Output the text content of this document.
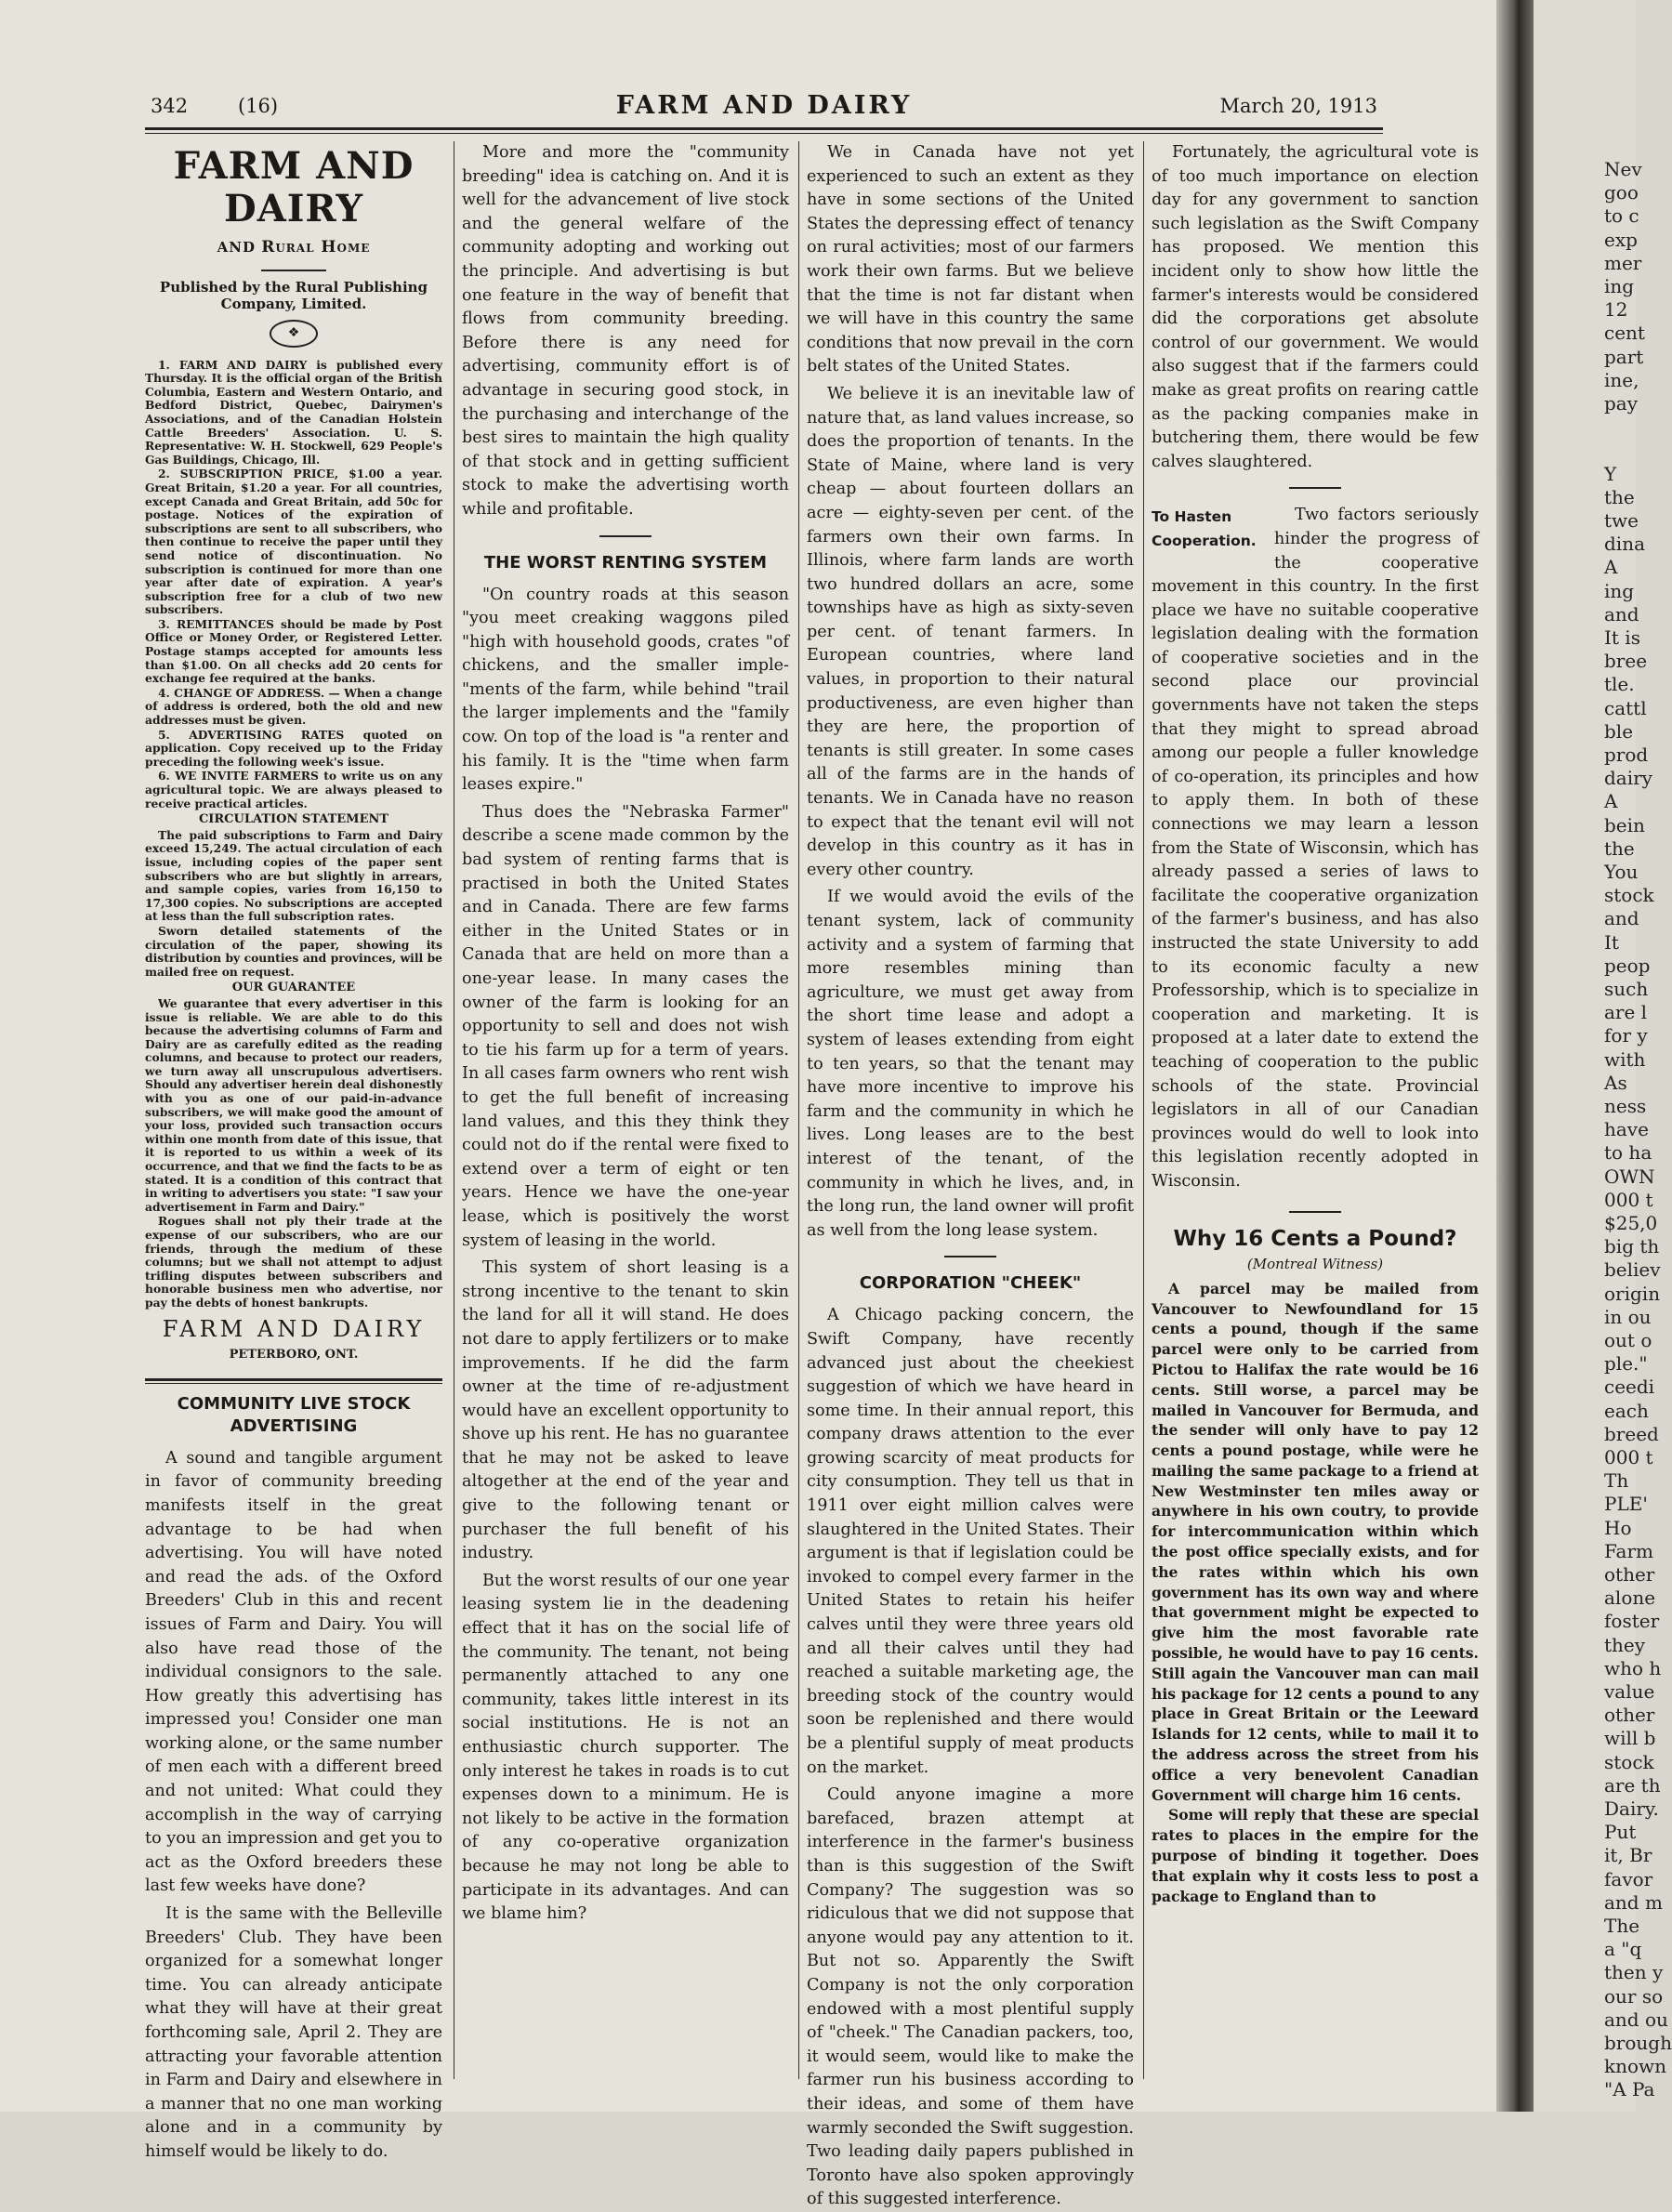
342	(16)	FARM AND DAIRY	March 20, 1913
FARM AND DAIRY
AND Rural Home
Published by the Rural Publishing Company, Limited.
❖

1. FARM AND DAIRY is published every Thursday. It is the official organ of the British Columbia, Eastern and Western Ontario, and Bedford District, Quebec, Dairymen's Associations, and of the Canadian Holstein Cattle Breeders' Association. U. S. Representative: W. H. Stockwell, 629 People's Gas Buildings, Chicago, Ill.

2. SUBSCRIPTION PRICE, $1.00 a year. Great Britain, $1.20 a year. For all countries, except Canada and Great Britain, add 50c for postage. Notices of the expiration of subscriptions are sent to all subscribers, who then continue to receive the paper until they send notice of discontinuation. No subscription is continued for more than one year after date of expiration. A year's subscription free for a club of two new subscribers.

3. REMITTANCES should be made by Post Office or Money Order, or Registered Letter. Postage stamps accepted for amounts less than $1.00. On all checks add 20 cents for exchange fee required at the banks.

4. CHANGE OF ADDRESS. — When a change of address is ordered, both the old and new addresses must be given.

5. ADVERTISING RATES quoted on application. Copy received up to the Friday preceding the following week's issue.

6. WE INVITE FARMERS to write us on any agricultural topic. We are always pleased to receive practical articles.

CIRCULATION STATEMENT

The paid subscriptions to Farm and Dairy exceed 15,249. The actual circulation of each issue, including copies of the paper sent subscribers who are but slightly in arrears, and sample copies, varies from 16,150 to 17,300 copies. No subscriptions are accepted at less than the full subscription rates.

Sworn detailed statements of the circulation of the paper, showing its distribution by counties and provinces, will be mailed free on request.

OUR GUARANTEE

We guarantee that every advertiser in this issue is reliable. We are able to do this because the advertising columns of Farm and Dairy are as carefully edited as the reading columns, and because to protect our readers, we turn away all unscrupulous advertisers. Should any advertiser herein deal dishonestly with you as one of our paid-in-advance subscribers, we will make good the amount of your loss, provided such transaction occurs within one month from date of this issue, that it is reported to us within a week of its occurrence, and that we find the facts to be as stated. It is a condition of this contract that in writing to advertisers you state: "I saw your advertisement in Farm and Dairy."

Rogues shall not ply their trade at the expense of our subscribers, who are our friends, through the medium of these columns; but we shall not attempt to adjust trifling disputes between subscribers and honorable business men who advertise, nor pay the debts of honest bankrupts.

FARM AND DAIRY
PETERBORO, ONT.
COMMUNITY LIVE STOCK ADVERTISING

A sound and tangible argument in favor of community breeding manifests itself in the great advantage to be had when advertising. You will have noted and read the ads. of the Oxford Breeders' Club in this and recent issues of Farm and Dairy. You will also have read those of the individual consignors to the sale. How greatly this advertising has impressed you! Consider one man working alone, or the same number of men each with a different breed and not united: What could they accomplish in the way of carrying to you an impression and get you to act as the Oxford breeders these last few weeks have done?

It is the same with the Belleville Breeders' Club. They have been organized for a somewhat longer time. You can already anticipate what they will have at their great forthcoming sale, April 2. They are attracting your favorable attention in Farm and Dairy and elsewhere in a manner that no one man working alone and in a community by himself would be likely to do.

More and more the "community breeding" idea is catching on. And it is well for the advancement of live stock and the general welfare of the community adopting and working out the principle. And advertising is but one feature in the way of benefit that flows from community breeding. Before there is any need for advertising, community effort is of advantage in securing good stock, in the purchasing and interchange of the best sires to maintain the high quality of that stock and in getting sufficient stock to make the advertising worth while and profitable.

THE WORST RENTING SYSTEM

"On country roads at this season "you meet creaking waggons piled "high with household goods, crates "of chickens, and the smaller imple-"ments of the farm, while behind "trail the larger implements and the "family cow. On top of the load is "a renter and his family. It is the "time when farm leases expire."

Thus does the "Nebraska Farmer" describe a scene made common by the bad system of renting farms that is practised in both the United States and in Canada. There are few farms either in the United States or in Canada that are held on more than a one-year lease. In many cases the owner of the farm is looking for an opportunity to sell and does not wish to tie his farm up for a term of years. In all cases farm owners who rent wish to get the full benefit of increasing land values, and this they think they could not do if the rental were fixed to extend over a term of eight or ten years. Hence we have the one-year lease, which is positively the worst system of leasing in the world.

This system of short leasing is a strong incentive to the tenant to skin the land for all it will stand. He does not dare to apply fertilizers or to make improvements. If he did the farm owner at the time of re-adjustment would have an excellent opportunity to shove up his rent. He has no guarantee that he may not be asked to leave altogether at the end of the year and give to the following tenant or purchaser the full benefit of his industry.

But the worst results of our one year leasing system lie in the deadening effect that it has on the social life of the community. The tenant, not being permanently attached to any one community, takes little interest in its social institutions. He is not an enthusiastic church supporter. The only interest he takes in roads is to cut expenses down to a minimum. He is not likely to be active in the formation of any co-operative organization because he may not long be able to participate in its advantages. And can we blame him?

We in Canada have not yet experienced to such an extent as they have in some sections of the United States the depressing effect of tenancy on rural activities; most of our farmers work their own farms. But we believe that the time is not far distant when we will have in this country the same conditions that now prevail in the corn belt states of the United States.

We believe it is an inevitable law of nature that, as land values increase, so does the proportion of tenants. In the State of Maine, where land is very cheap — about fourteen dollars an acre — eighty-seven per cent. of the farmers own their own farms. In Illinois, where farm lands are worth two hundred dollars an acre, some townships have as high as sixty-seven per cent. of tenant farmers. In European countries, where land values, in proportion to their natural productiveness, are even higher than they are here, the proportion of tenants is still greater. In some cases all of the farms are in the hands of tenants. We in Canada have no reason to expect that the tenant evil will not develop in this country as it has in every other country.

If we would avoid the evils of the tenant system, lack of community activity and a system of farming that more resembles mining than agriculture, we must get away from the short time lease and adopt a system of leases extending from eight to ten years, so that the tenant may have more incentive to improve his farm and the community in which he lives. Long leases are to the best interest of the tenant, of the community in which he lives, and, in the long run, the land owner will profit as well from the long lease system.

CORPORATION "CHEEK"

A Chicago packing concern, the Swift Company, have recently advanced just about the cheekiest suggestion of which we have heard in some time. In their annual report, this company draws attention to the ever growing scarcity of meat products for city consumption. They tell us that in 1911 over eight million calves were slaughtered in the United States. Their argument is that if legislation could be invoked to compel every farmer in the United States to retain his heifer calves until they were three years old and all their calves until they had reached a suitable marketing age, the breeding stock of the country would soon be replenished and there would be a plentiful supply of meat products on the market.

Could anyone imagine a more barefaced, brazen attempt at interference in the farmer's business than is this suggestion of the Swift Company? The suggestion was so ridiculous that we did not suppose that anyone would pay any attention to it. But not so. Apparently the Swift Company is not the only corporation endowed with a most plentiful supply of "cheek." The Canadian packers, too, it would seem, would like to make the farmer run his business according to their ideas, and some of them have warmly seconded the Swift suggestion. Two leading daily papers published in Toronto have also spoken approvingly of this suggested interference.

Fortunately, the agricultural vote is of too much importance on election day for any government to sanction such legislation as the Swift Company has proposed. We mention this incident only to show how little the farmer's interests would be considered did the corporations get absolute control of our government. We would also suggest that if the farmers could make as great profits on rearing cattle as the packing companies make in butchering them, there would be few calves slaughtered.

To Hasten Cooperation.

Two factors seriously hinder the progress of the cooperative movement in this country. In the first place we have no suitable cooperative legislation dealing with the formation of cooperative societies and in the second place our provincial governments have not taken the steps that they might to spread abroad among our people a fuller knowledge of co-operation, its principles and how to apply them. In both of these connections we may learn a lesson from the State of Wisconsin, which has already passed a series of laws to facilitate the cooperative organization of the farmer's business, and has also instructed the state University to add to its economic faculty a new Professorship, which is to specialize in cooperation and marketing. It is proposed at a later date to extend the teaching of cooperation to the public schools of the state. Provincial legislators in all of our Canadian provinces would do well to look into this legislation recently adopted in Wisconsin.

Why 16 Cents a Pound?
(Montreal Witness)

A parcel may be mailed from Vancouver to Newfoundland for 15 cents a pound, though if the same parcel were only to be carried from Pictou to Halifax the rate would be 16 cents. Still worse, a parcel may be mailed in Vancouver for Bermuda, and the sender will only have to pay 12 cents a pound postage, while were he mailing the same package to a friend at New Westminster ten miles away or anywhere in his own coutry, to provide for intercommunication within which the post office specially exists, and for the rates within which his own government has its own way and where that government might be expected to give him the most favorable rate possible, he would have to pay 16 cents. Still again the Vancouver man can mail his package for 12 cents a pound to any place in Great Britain or the Leeward Islands for 12 cents, while to mail it to the address across the street from his office a very benevolent Canadian Government will charge him 16 cents.

Some will reply that these are special rates to places in the empire for the purpose of binding it together. Does that explain why it costs less to post a package to England than to

Nev
goo
to c
exp
mer
ing
12
cent
part
ine,
pay
Y
the
twe
dina
A
ing
and
It is
bree
tle.
cattl
ble
prod
dairy
A
bein
the
You
stock
and
It
peop
such
are l
for y
with
As
ness
have
to ha
OWN
000 t
$25,0
big th
believ
origin
in ou
out o
ple."
ceedi
each
breed
000 t
Th
PLE'
Ho
Farm
other
alone
foster
they
who h
value
other
will b
stock
are th
Dairy.
Put
it, Br
favor
and m
The
a "q
then y
our so
and ou
brough
known
"A Pa
